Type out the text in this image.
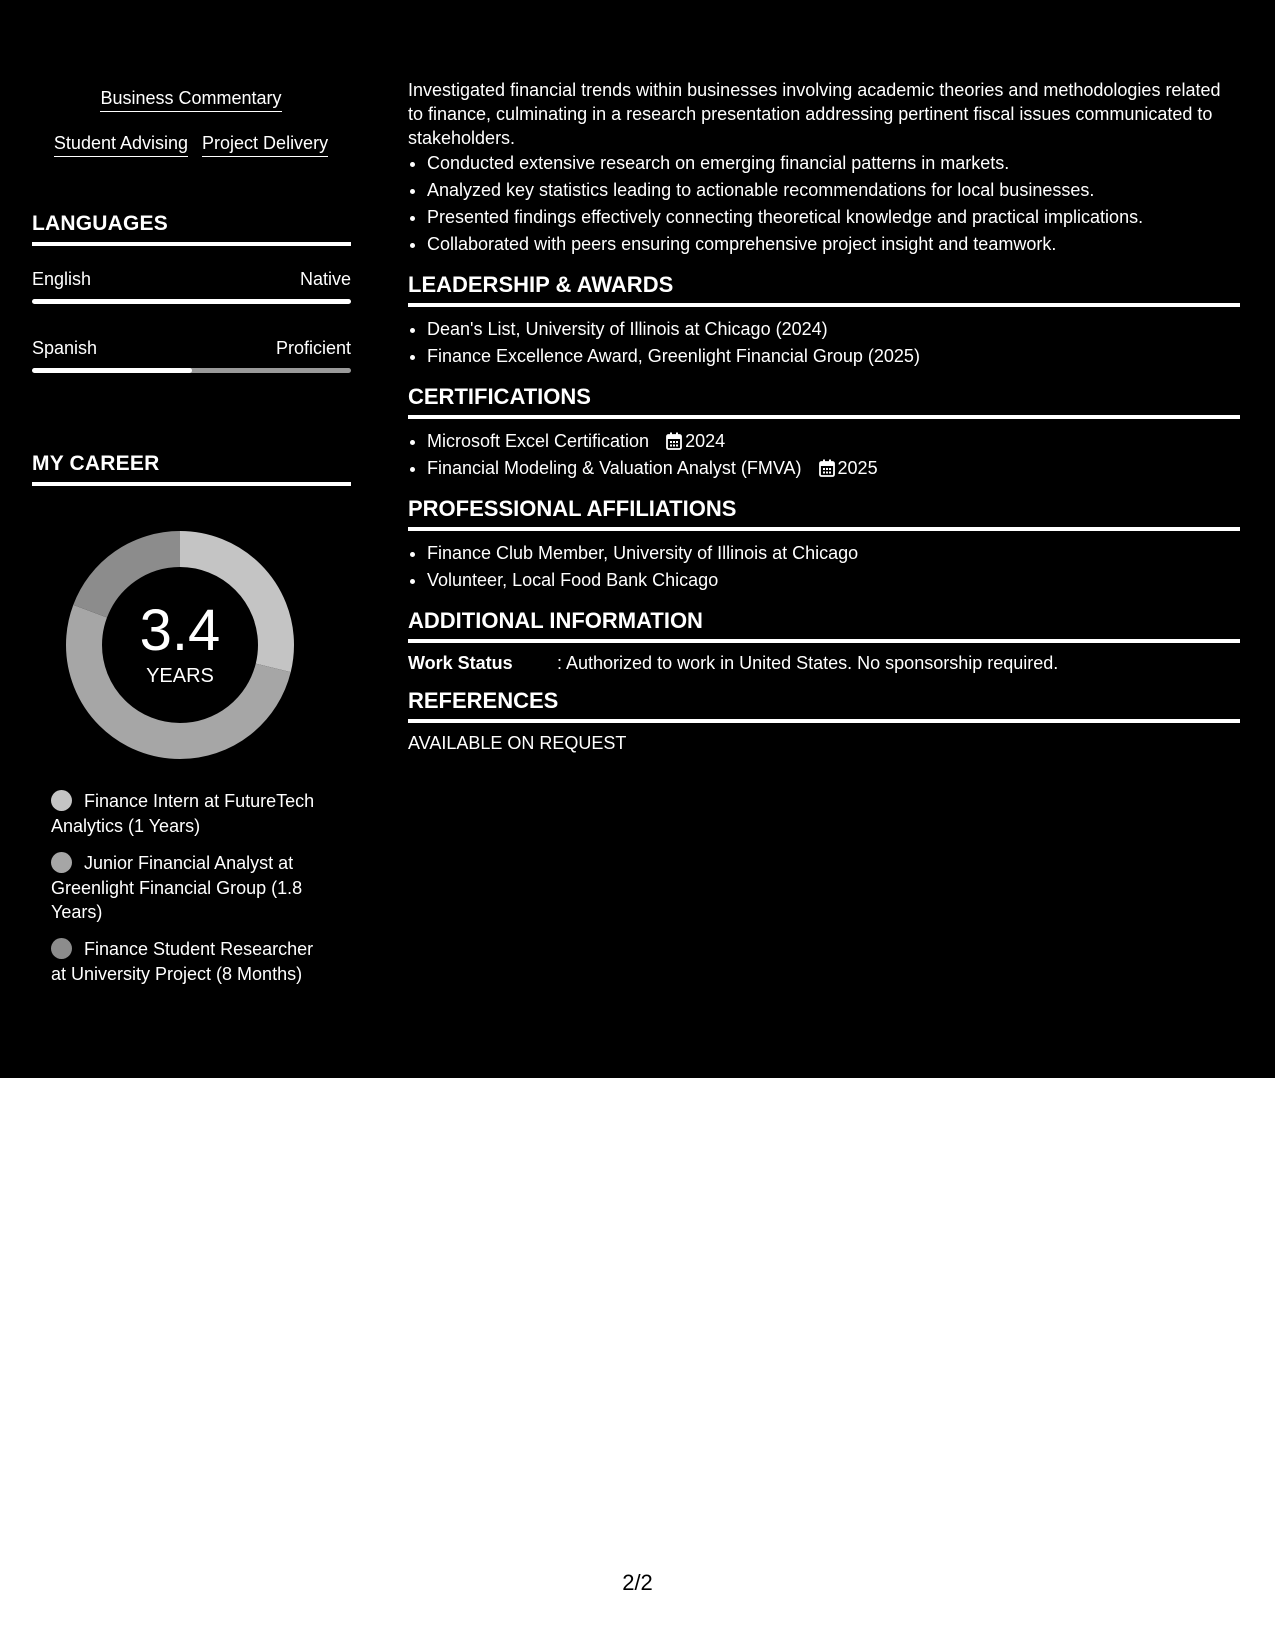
Business Commentary
Student Advising Project Delivery
LANGUAGES
English	Native
Spanish	Proficient
MY CAREER
3.4
YEARS
Finance Intern at FutureTech Analytics (1 Years)
Junior Financial Analyst at Greenlight Financial Group (1.8 Years)
Finance Student Researcher at University Project (8 Months)

Investigated financial trends within businesses involving academic theories and methodologies related to finance, culminating in a research presentation addressing pertinent fiscal issues communicated to stakeholders.

• Conducted extensive research on emerging financial patterns in markets.
• Analyzed key statistics leading to actionable recommendations for local businesses.
• Presented findings effectively connecting theoretical knowledge and practical implications.
• Collaborated with peers ensuring comprehensive project insight and teamwork.
LEADERSHIP & AWARDS
• Dean's List, University of Illinois at Chicago (2024)
• Finance Excellence Award, Greenlight Financial Group (2025)
CERTIFICATIONS
• Microsoft Excel Certification 2024
• Financial Modeling & Valuation Analyst (FMVA) 2025
PROFESSIONAL AFFILIATIONS
• Finance Club Member, University of Illinois at Chicago
• Volunteer, Local Food Bank Chicago
ADDITIONAL INFORMATION
Work Status : Authorized to work in United States. No sponsorship required.
REFERENCES
AVAILABLE ON REQUEST
2/2
